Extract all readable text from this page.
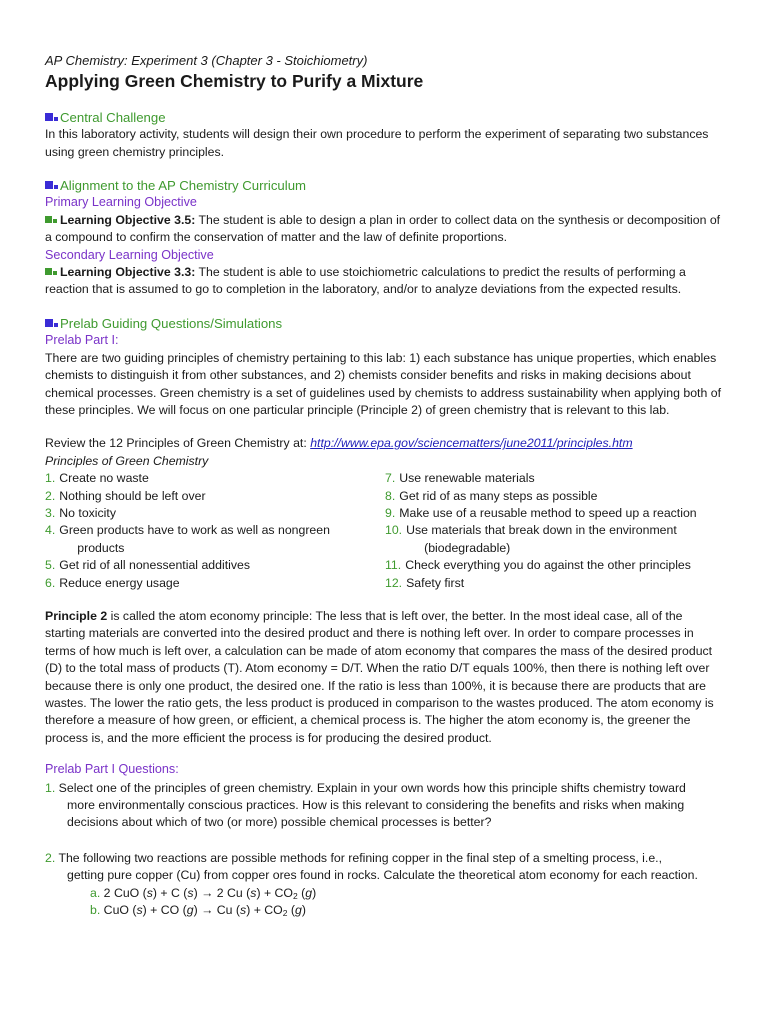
AP Chemistry: Experiment 3 (Chapter 3 - Stoichiometry)
Applying Green Chemistry to Purify a Mixture
Central Challenge

In this laboratory activity, students will design their own procedure to perform the experiment of separating two substances using green chemistry principles.

Alignment to the AP Chemistry Curriculum
Primary Learning Objective

Learning Objective 3.5: The student is able to design a plan in order to collect data on the synthesis or decomposition of a compound to confirm the conservation of matter and the law of definite proportions.

Secondary Learning Objective

Learning Objective 3.3: The student is able to use stoichiometric calculations to predict the results of performing a reaction that is assumed to go to completion in the laboratory, and/or to analyze deviations from the expected results.

Prelab Guiding Questions/Simulations
Prelab Part I:

There are two guiding principles of chemistry pertaining to this lab: 1) each substance has unique properties, which enables chemists to distinguish it from other substances, and 2) chemists consider benefits and risks in making decisions about chemical processes. Green chemistry is a set of guidelines used by chemists to address sustainability when applying both of these principles. We will focus on one particular principle (Principle 2) of green chemistry that is relevant to this lab.

Review the 12 Principles of Green Chemistry at: http://www.epa.gov/sciencematters/june2011/principles.htm

Principles of Green Chemistry
1. Create no waste
2. Nothing should be left over
3. No toxicity
4. Green products have to work as well as nongreen
products
5. Get rid of all nonessential additives
6. Reduce energy usage
7. Use renewable materials
8. Get rid of as many steps as possible
9. Make use of a reusable method to speed up a reaction
10. Use materials that break down in the environment
(biodegradable)
11. Check everything you do against the other principles
12. Safety first

Principle 2 is called the atom economy principle: The less that is left over, the better. In the most ideal case, all of the starting materials are converted into the desired product and there is nothing left over. In order to compare processes in terms of how much is left over, a calculation can be made of atom economy that compares the mass of the desired product (D) to the total mass of products (T). Atom economy = D/T. When the ratio D/T equals 100%, then there is nothing left over because there is only one product, the desired one. If the ratio is less than 100%, it is because there are products that are wastes. The lower the ratio gets, the less product is produced in comparison to the wastes produced. The atom economy is therefore a measure of how green, or efficient, a chemical process is. The higher the atom economy is, the greener the process is, and the more efficient the process is for producing the desired product.

Prelab Part I Questions:
1. Select one of the principles of green chemistry. Explain in your own words how this principle shifts chemistry toward
more environmentally conscious practices. How is this relevant to considering the benefits and risks when making decisions about which of two (or more) possible chemical processes is better?
2. The following two reactions are possible methods for refining copper in the final step of a smelting process, i.e.,
getting pure copper (Cu) from copper ores found in rocks. Calculate the theoretical atom economy for each reaction.
a. 2 CuO (s) + C (s) → 2 Cu $(s) + CO_2$ (g)
b. CuO (s) + CO (g) → Cu $(s) + CO_2$ (g)
